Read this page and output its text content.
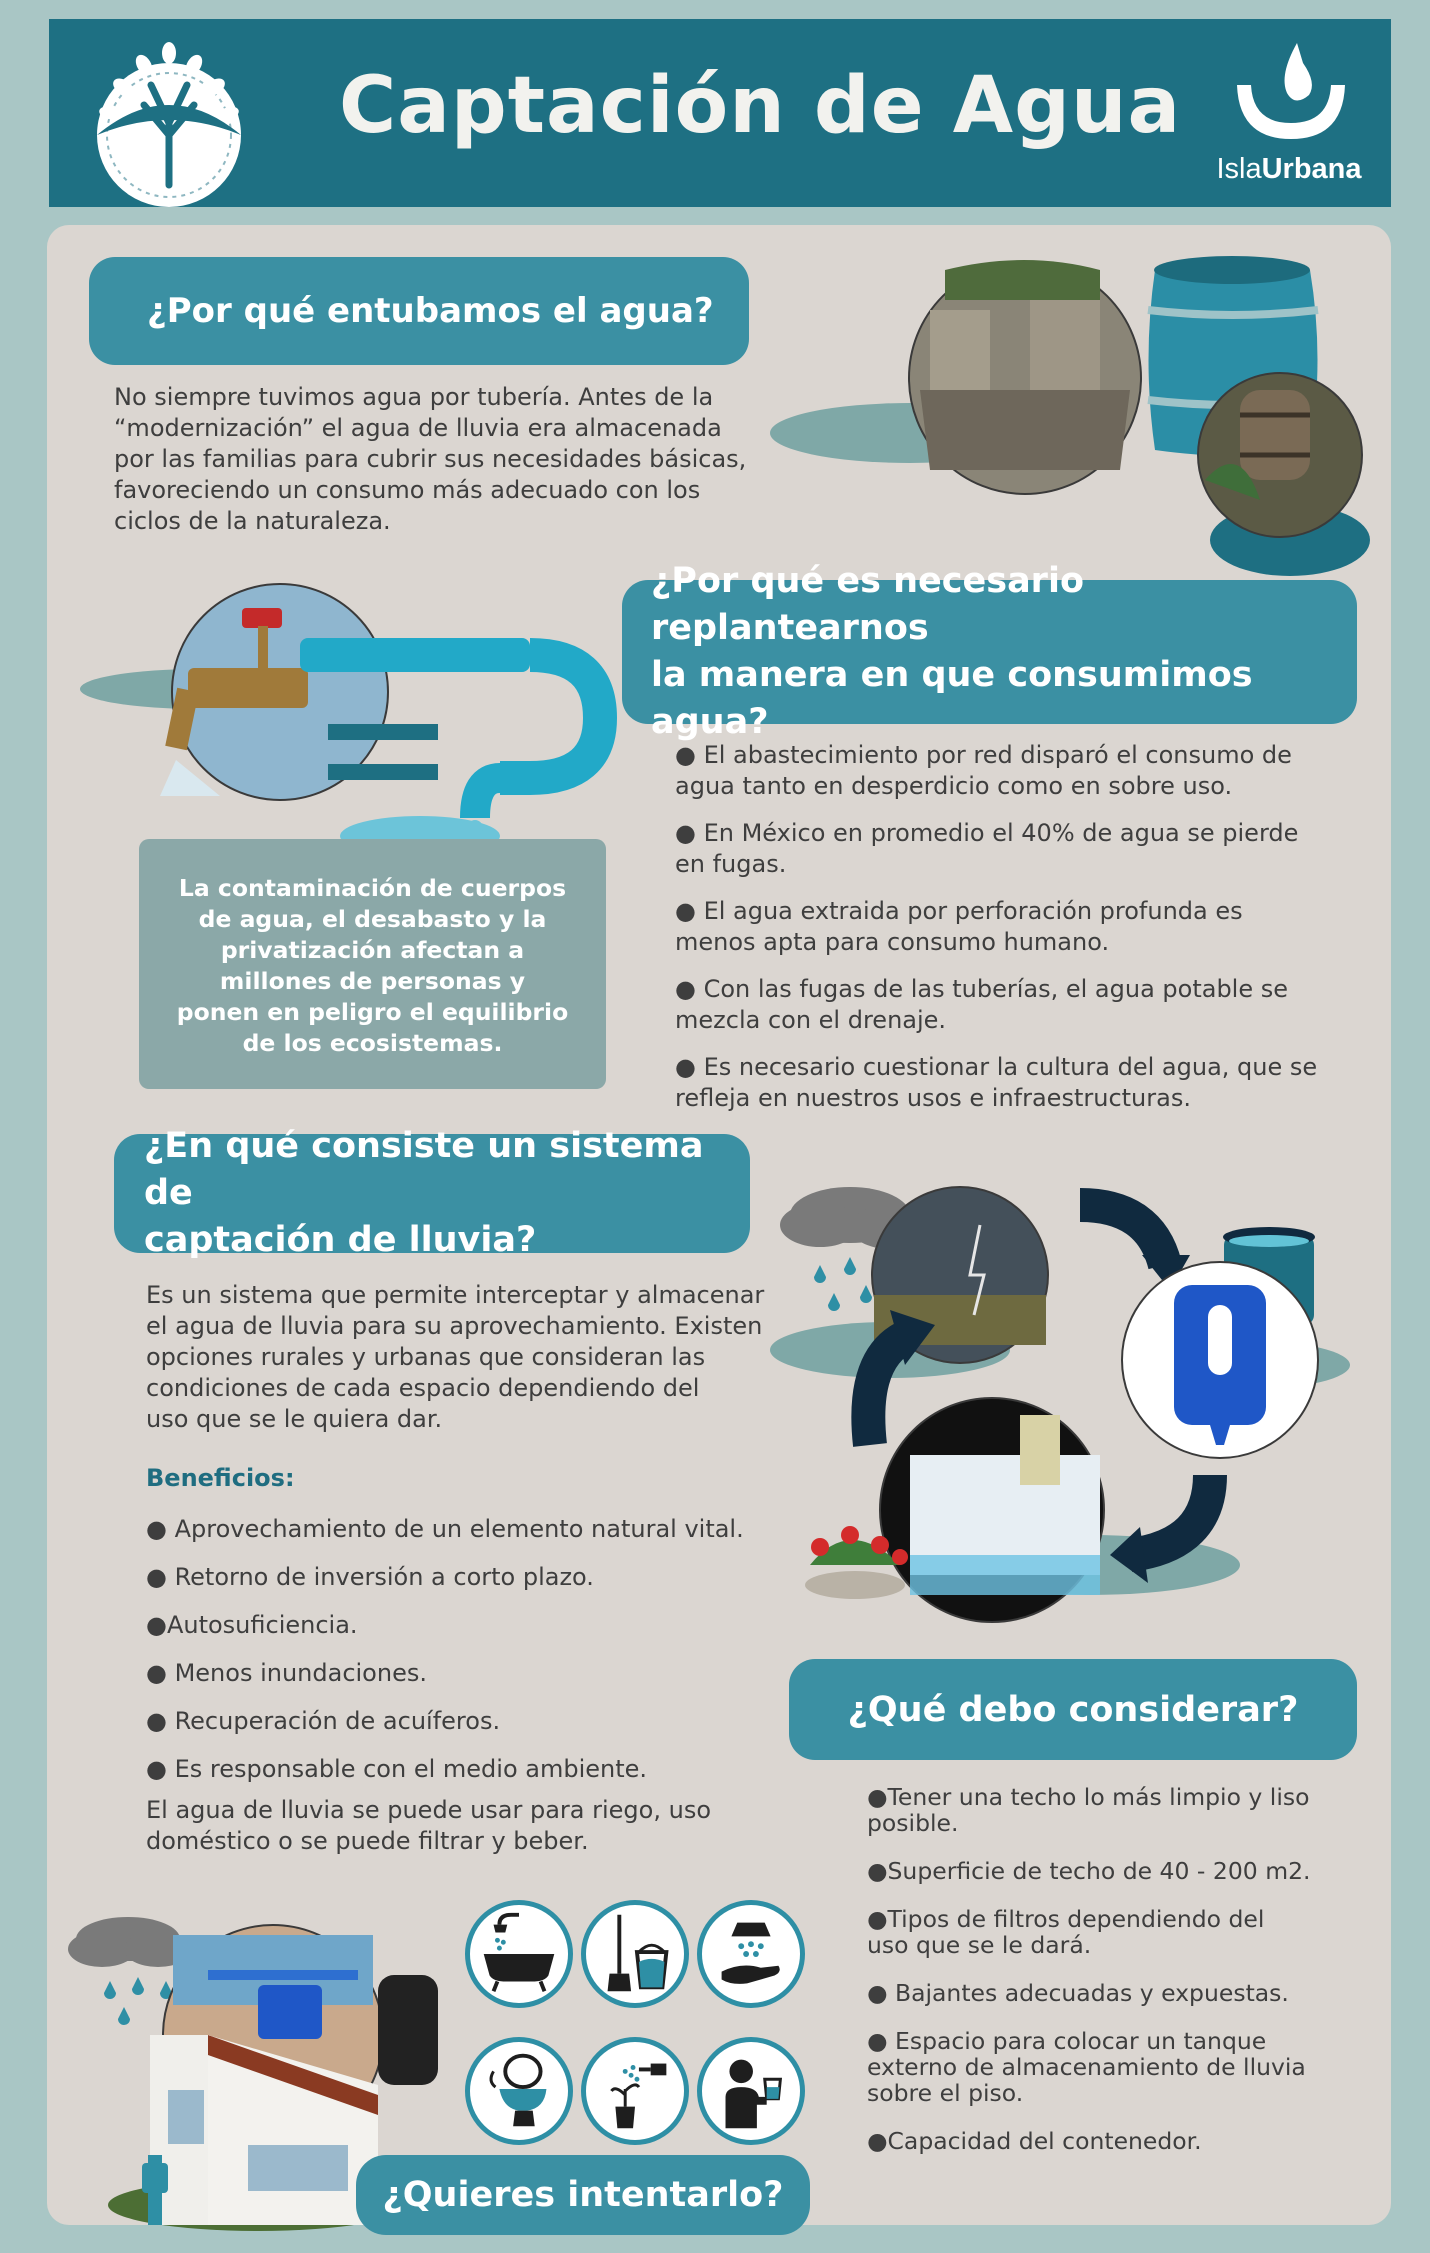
Captación de Agua
IslaUrbana
¿Por qué entubamos el agua?
No siempre tuvimos agua por tubería. Antes de la
“modernización” el agua de lluvia era almacenada
por las familias para cubrir sus necesidades básicas,
favoreciendo un consumo más adecuado con los
ciclos de la naturaleza.
¿Por qué es necesario replantearnos
la manera en que consumimos agua?

● El abastecimiento por red disparó el consumo de
agua tanto en desperdicio como en sobre uso.

● En México en promedio el 40% de agua se pierde
en fugas.

● El agua extraida por perforación profunda es
menos apta para consumo humano.

● Con las fugas de las tuberías, el agua potable se
mezcla con el drenaje.

● Es necesario cuestionar la cultura del agua, que se
refleja en nuestros usos e infraestructuras.

La contaminación de cuerpos
de agua, el desabasto y la
privatización afectan a
millones de personas y
ponen en peligro el equilibrio
de los ecosistemas.
¿En qué consiste un sistema de
captación de lluvia?
Es un sistema que permite interceptar y almacenar
el agua de lluvia para su aprovechamiento. Existen
opciones rurales y urbanas que consideran las
condiciones de cada espacio dependiendo del
uso que se le quiera dar.
Beneficios:

● Aprovechamiento de un elemento natural vital.

● Retorno de inversión a corto plazo.

●Autosuficiencia.

● Menos inundaciones.

● Recuperación de acuíferos.

● Es responsable con el medio ambiente.

El agua de lluvia se puede usar para riego, uso
doméstico o se puede filtrar y beber.
¿Qué debo considerar?

●Tener una techo lo más limpio y liso
posible.

●Superficie de techo de 40 - 200 m2.

●Tipos de filtros dependiendo del
uso que se le dará.

● Bajantes adecuadas y expuestas.

● Espacio para colocar un tanque
externo de almacenamiento de lluvia
sobre el piso.

●Capacidad del contenedor.

¿Quieres intentarlo?
